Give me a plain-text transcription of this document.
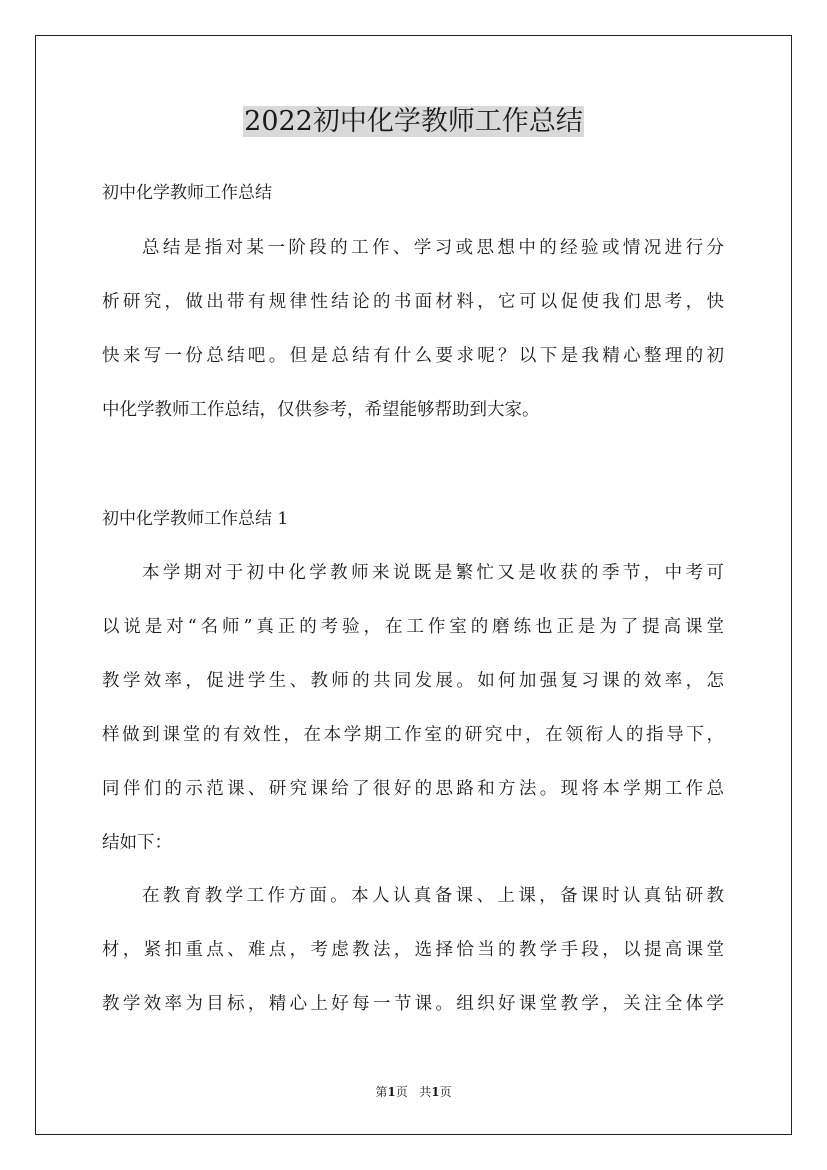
2022初中化学教师工作总结

初中化学教师工作总结

总结是指对某一阶段的工作、学习或思想中的经验或情况进行分
析研究，做出带有规律性结论的书面材料，它可以促使我们思考，快
快来写一份总结吧。但是总结有什么要求呢？以下是我精心整理的初
中化学教师工作总结，仅供参考，希望能够帮助到大家。

初中化学教师工作总结 1

本学期对于初中化学教师来说既是繁忙又是收获的季节，中考可
以说是对“名师”真正的考验，在工作室的磨练也正是为了提高课堂
教学效率，促进学生、教师的共同发展。如何加强复习课的效率，怎
样做到课堂的有效性，在本学期工作室的研究中，在领衔人的指导下，
同伴们的示范课、研究课给了很好的思路和方法。现将本学期工作总
结如下：
在教育教学工作方面。本人认真备课、上课，备课时认真钻研教
材，紧扣重点、难点，考虑教法，选择恰当的教学手段，以提高课堂
教学效率为目标，精心上好每一节课。组织好课堂教学，关注全体学
第1页 共1页
